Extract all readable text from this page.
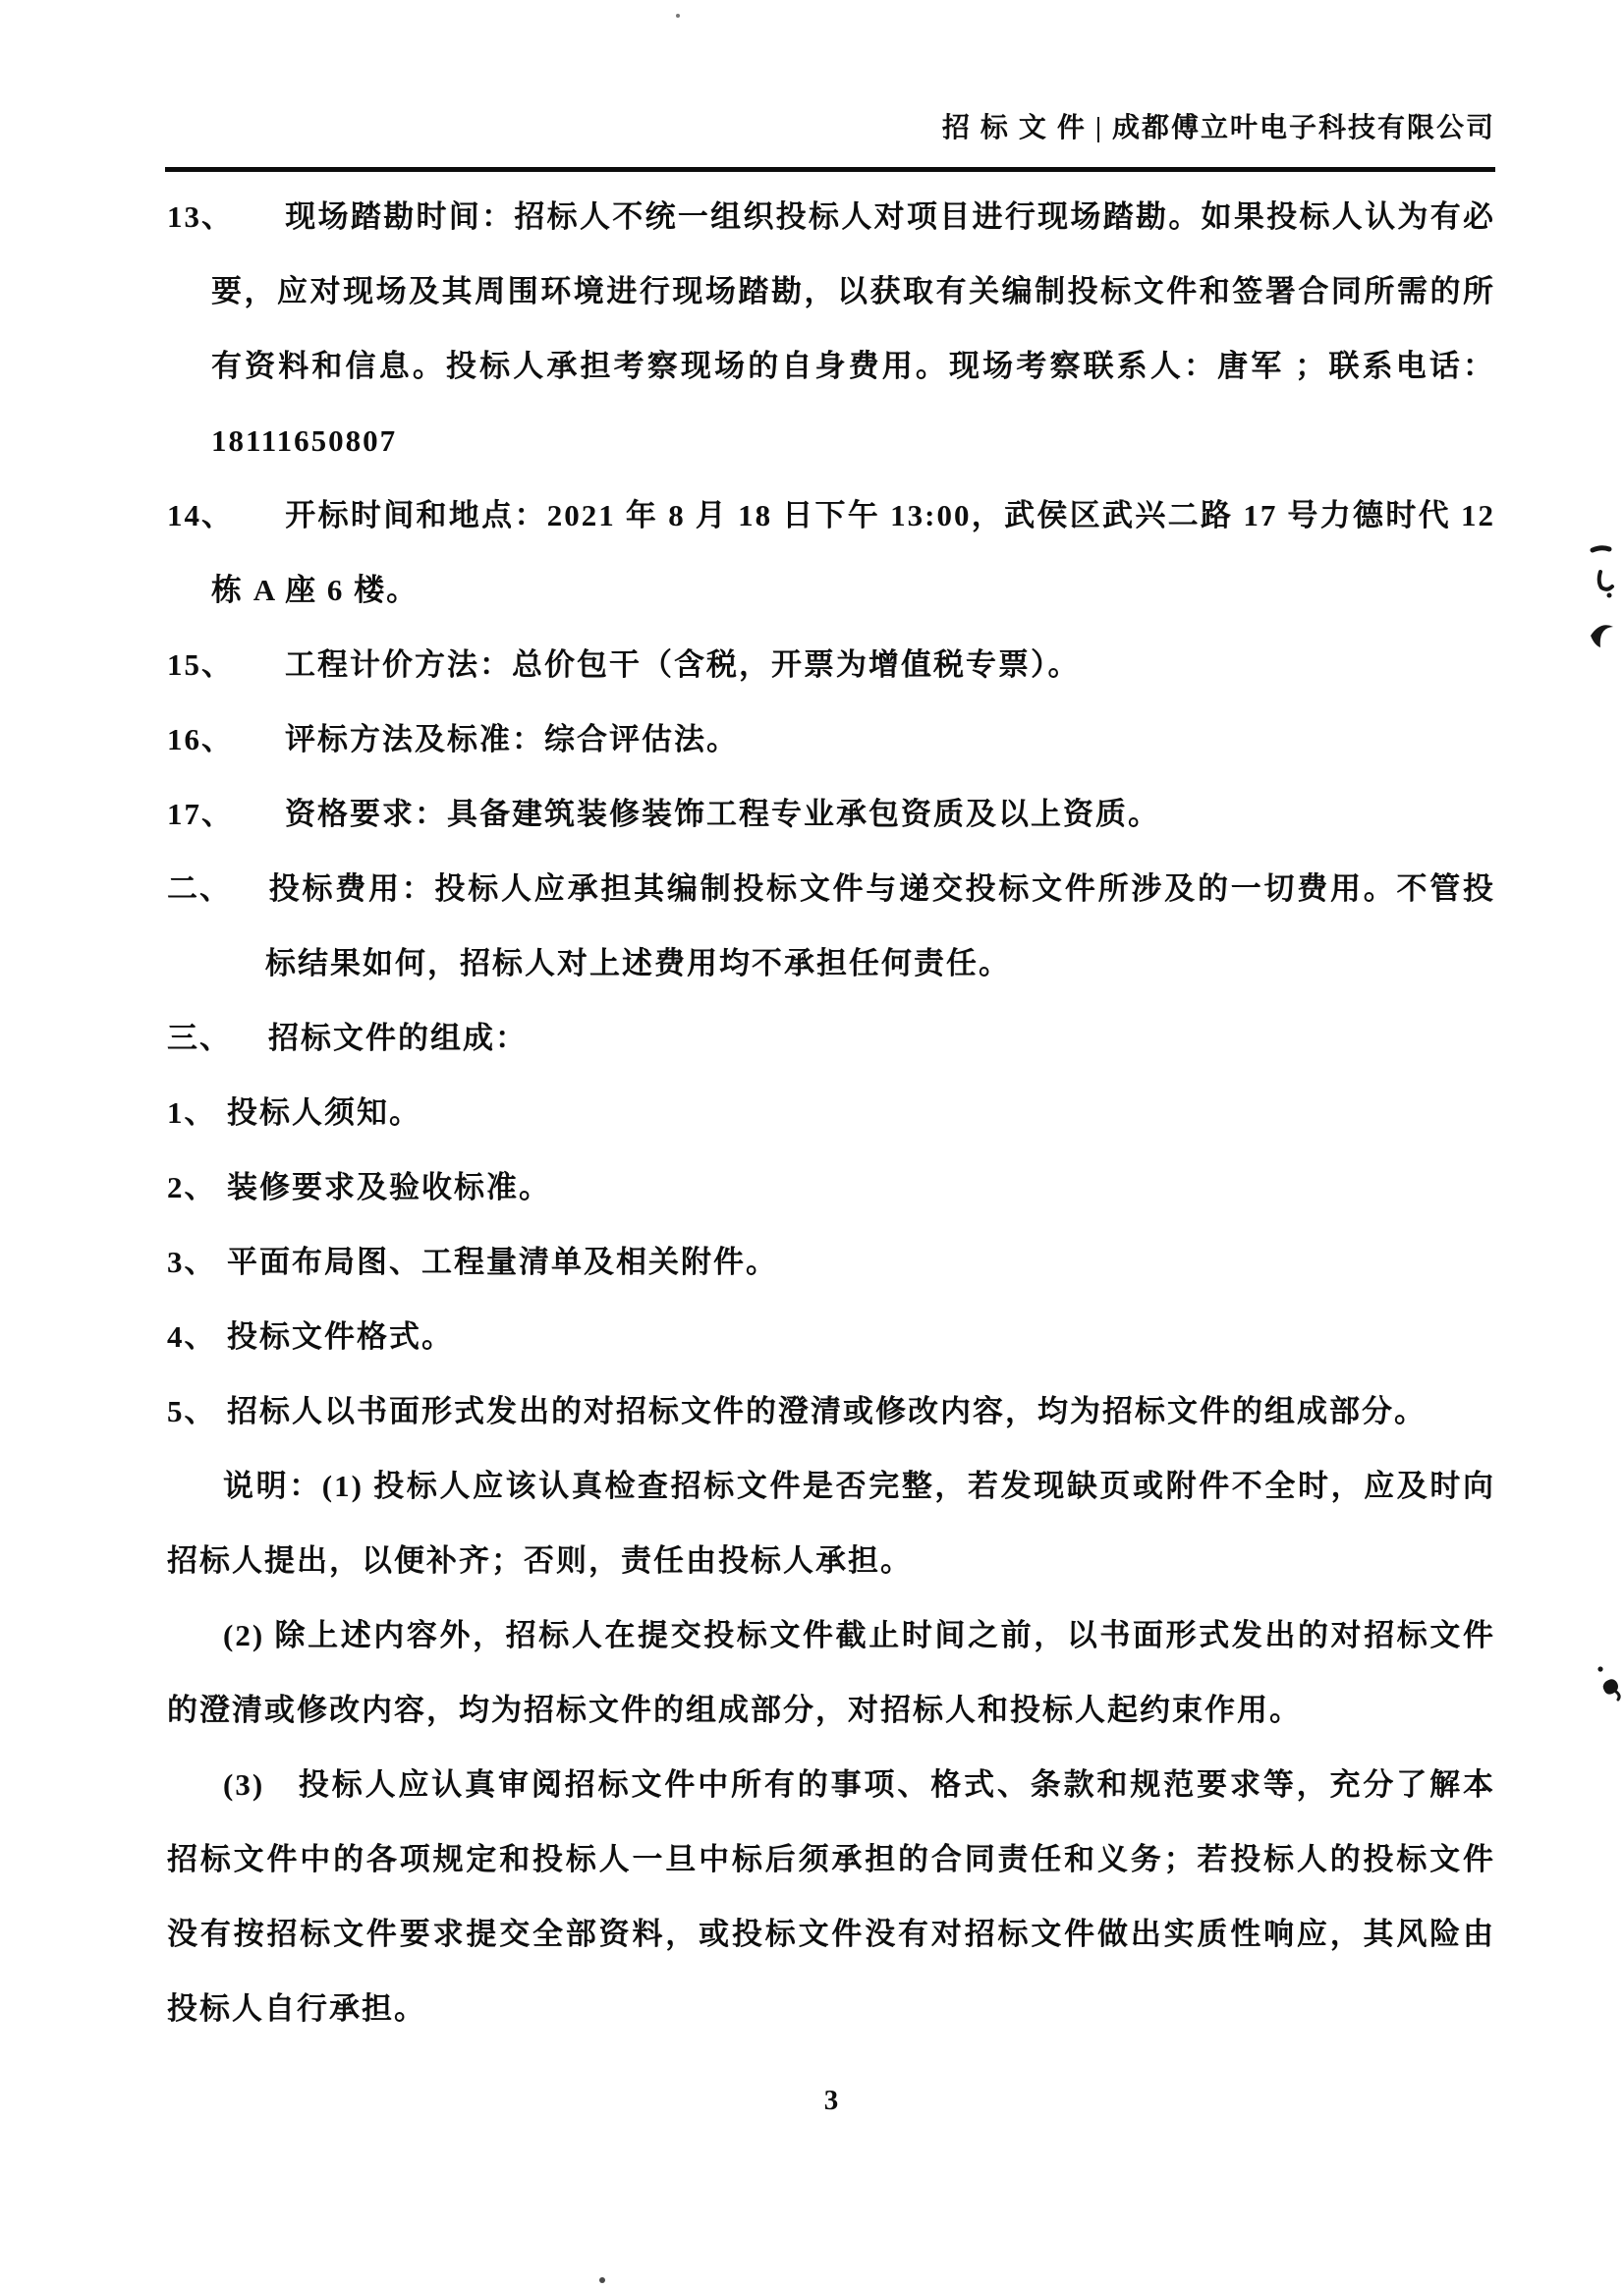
招 标 文 件 | 成都傅立叶电子科技有限公司

13、 现场踏勘时间：招标人不统一组织投标人对项目进行现场踏勘。如果投标人认为有必要，应对现场及其周围环境进行现场踏勘，以获取有关编制投标文件和签署合同所需的所有资料和信息。投标人承担考察现场的自身费用。现场考察联系人：唐军 ；联系电话：18111650807

14、 开标时间和地点：2021 年 8 月 18 日下午 13:00，武侯区武兴二路 17 号力德时代 12 栋 A 座 6 楼。

15、 工程计价方法：总价包干（含税，开票为增值税专票）。

16、 评标方法及标准：综合评估法。

17、 资格要求：具备建筑装修装饰工程专业承包资质及以上资质。

二、 投标费用：投标人应承担其编制投标文件与递交投标文件所涉及的一切费用。不管投标结果如何，招标人对上述费用均不承担任何责任。

三、 招标文件的组成：

1、 投标人须知。

2、 装修要求及验收标准。

3、 平面布局图、工程量清单及相关附件。

4、 投标文件格式。

5、 招标人以书面形式发出的对招标文件的澄清或修改内容，均为招标文件的组成部分。

说明：(1) 投标人应该认真检查招标文件是否完整，若发现缺页或附件不全时，应及时向招标人提出，以便补齐；否则，责任由投标人承担。

(2) 除上述内容外，招标人在提交投标文件截止时间之前，以书面形式发出的对招标文件的澄清或修改内容，均为招标文件的组成部分，对招标人和投标人起约束作用。

(3)　投标人应认真审阅招标文件中所有的事项、格式、条款和规范要求等，充分了解本招标文件中的各项规定和投标人一旦中标后须承担的合同责任和义务；若投标人的投标文件没有按招标文件要求提交全部资料，或投标文件没有对招标文件做出实质性响应，其风险由投标人自行承担。

3
